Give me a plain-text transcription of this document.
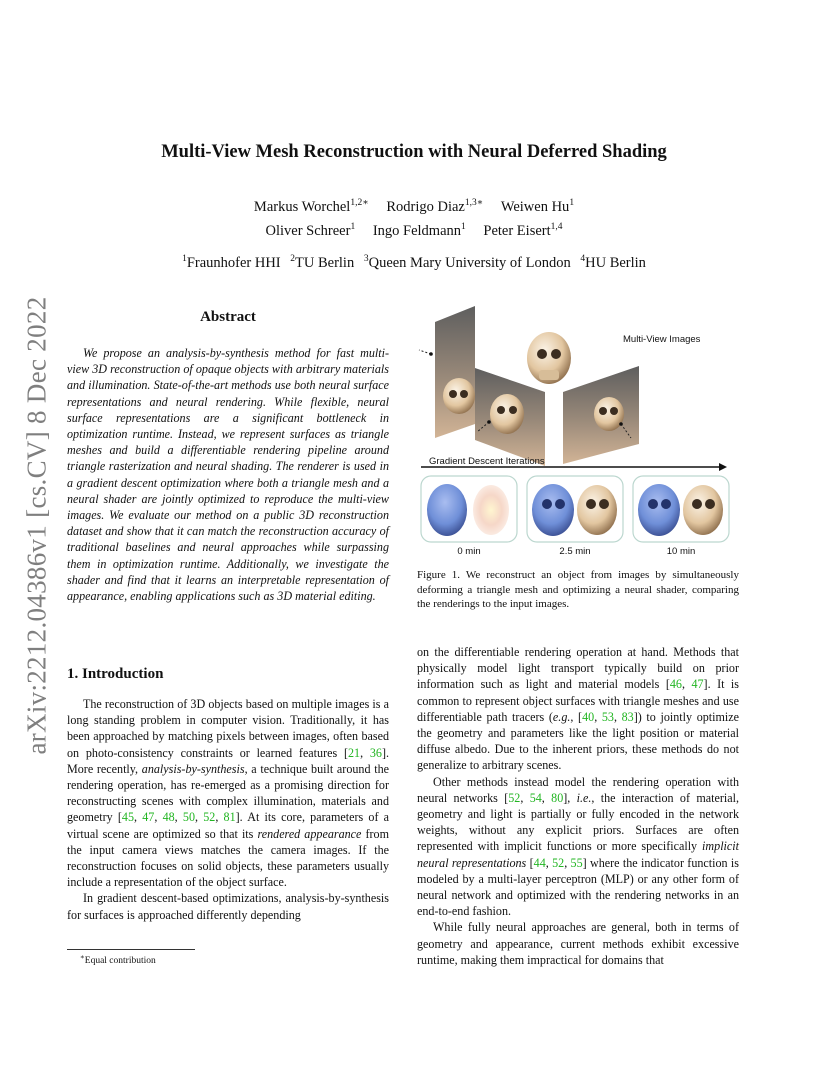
arXiv:2212.04386v1 [cs.CV] 8 Dec 2022
Multi-View Mesh Reconstruction with Neural Deferred Shading
Markus Worchel$^{1,2∗}$ Rodrigo Diaz$^{1,3∗}$ Weiwen Hu$^1$
Oliver Schreer$^1$ Ingo Feldmann$^1$ Peter Eisert$^{1,4}$
$^1$Fraunhofer HHI $^2$TU Berlin $^3$Queen Mary University of London $^4$HU Berlin
Abstract
We propose an analysis-by-synthesis method for fast multi-view 3D reconstruction of opaque objects with arbitrary materials and illumination. State-of-the-art methods use both neural surface representations and neural rendering. While flexible, neural surface representations are a significant bottleneck in optimization runtime. Instead, we represent surfaces as triangle meshes and build a differentiable rendering pipeline around triangle rasterization and neural shading. The renderer is used in a gradient descent optimization where both a triangle mesh and a neural shader are jointly optimized to reproduce the multi-view images. We evaluate our method on a public 3D reconstruction dataset and show that it can match the reconstruction accuracy of traditional baselines and neural approaches while surpassing them in optimization runtime. Additionally, we investigate the shader and find that it learns an interpretable representation of appearance, enabling applications such as 3D material editing.
1. Introduction

The reconstruction of 3D objects based on multiple images is a long standing problem in computer vision. Traditionally, it has been approached by matching pixels between images, often based on photo-consistency constraints or learned features [21, 36]. More recently, analysis-by-synthesis, a technique built around the rendering operation, has re-emerged as a promising direction for reconstructing scenes with complex illumination, materials and geometry [45, 47, 48, 50, 52, 81]. At its core, parameters of a virtual scene are optimized so that its rendered appearance from the input camera views matches the camera images. If the reconstruction focuses on solid objects, these parameters usually include a representation of the object surface.

In gradient descent-based optimizations, analysis-by-synthesis for surfaces is approached differently depending

∗Equal contribution
Multi-View Images
Gradient Descent Iterations
0 min	2.5 min	10 min
Figure 1. We reconstruct an object from images by simultaneously deforming a triangle mesh and optimizing a neural shader, comparing the renderings to the input images.

on the differentiable rendering operation at hand. Methods that physically model light transport typically build on prior information such as light and material models [46, 47]. It is common to represent object surfaces with triangle meshes and use differentiable path tracers (e.g., [40, 53, 83]) to jointly optimize the geometry and parameters like the light position or material diffuse albedo. Due to the inherent priors, these methods do not generalize to arbitrary scenes.

Other methods instead model the rendering operation with neural networks [52, 54, 80], i.e., the interaction of material, geometry and light is partially or fully encoded in the network weights, without any explicit priors. Surfaces are often represented with implicit functions or more specifically implicit neural representations [44, 52, 55] where the indicator function is modeled by a multi-layer perceptron (MLP) or any other form of neural network and optimized with the rendering networks in an end-to-end fashion.

While fully neural approaches are general, both in terms of geometry and appearance, current methods exhibit excessive runtime, making them impractical for domains that
